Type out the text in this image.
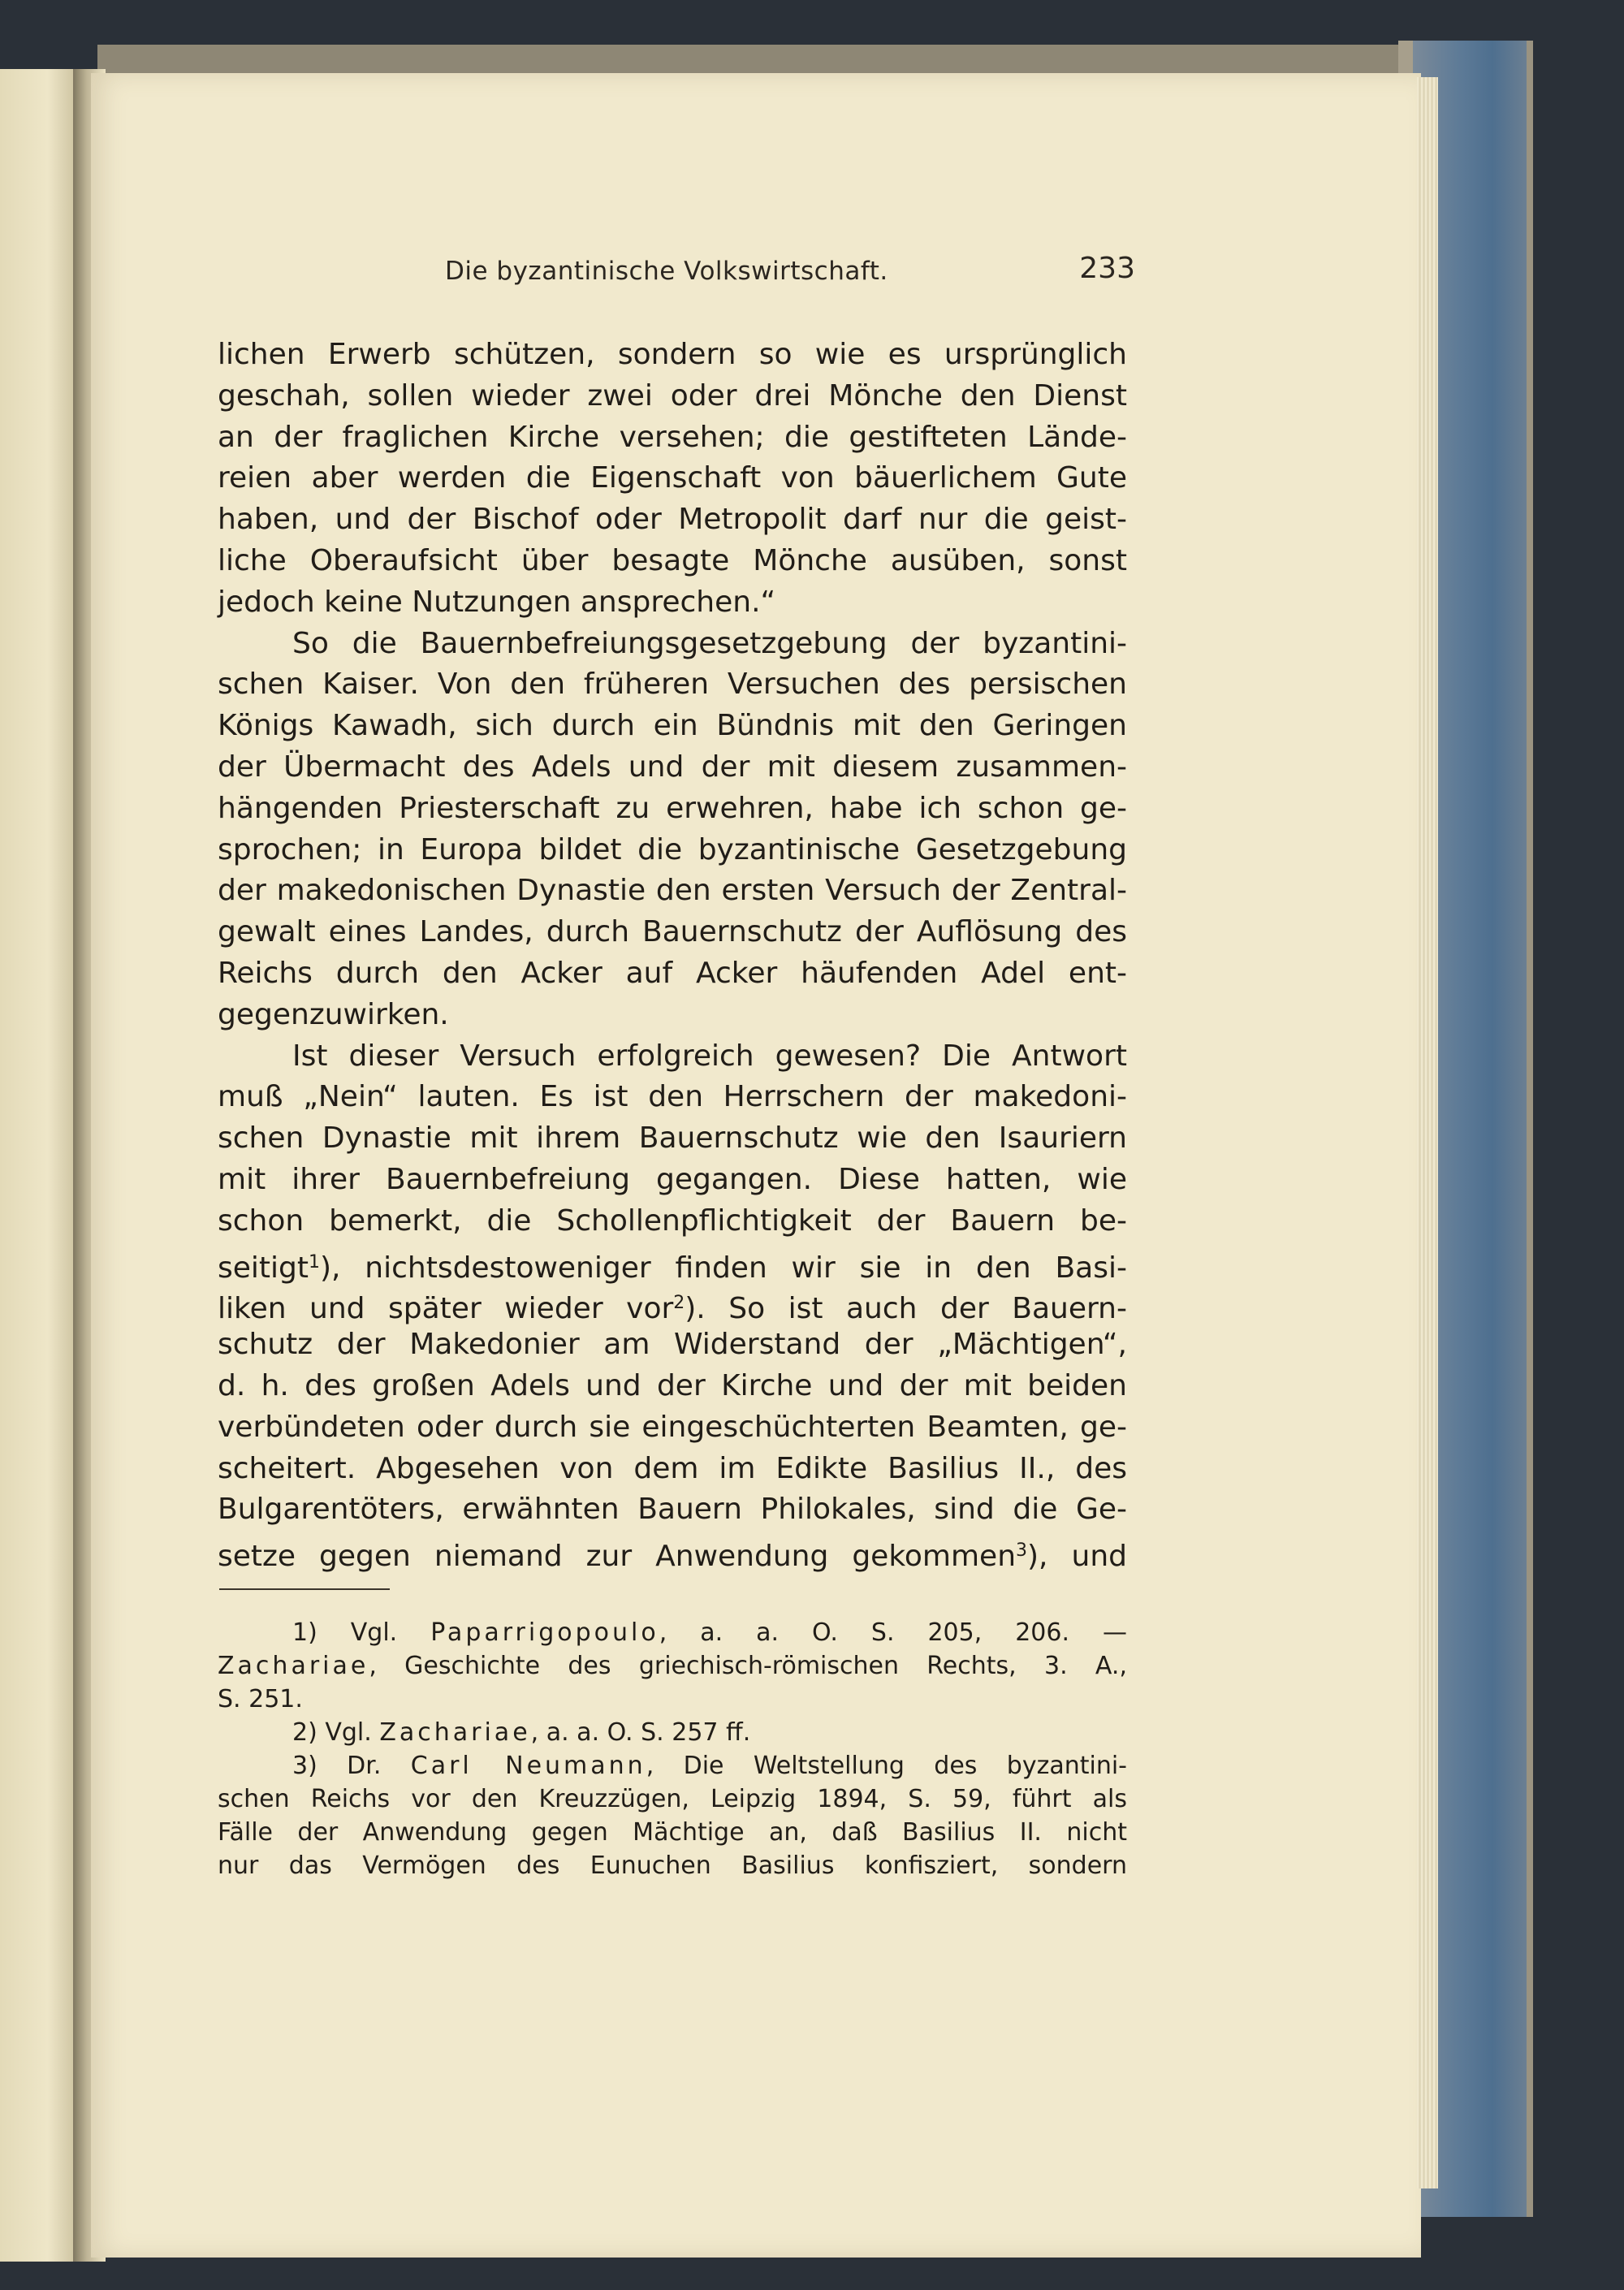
Die byzantinische Volkswirtschaft.	233
lichen Erwerb schützen, sondern so wie es ursprünglich
geschah, sollen wieder zwei oder drei Mönche den Dienst
an der fraglichen Kirche versehen; die gestifteten Lände-
reien aber werden die Eigenschaft von bäuerlichem Gute
haben, und der Bischof oder Metropolit darf nur die geist-
liche Oberaufsicht über besagte Mönche ausüben, sonst
jedoch keine Nutzungen ansprechen.“
So die Bauernbefreiungsgesetzgebung der byzantini-
schen Kaiser. Von den früheren Versuchen des persischen
Königs Kawadh, sich durch ein Bündnis mit den Geringen
der Übermacht des Adels und der mit diesem zusammen-
hängenden Priesterschaft zu erwehren, habe ich schon ge-
sprochen; in Europa bildet die byzantinische Gesetzgebung
der makedonischen Dynastie den ersten Versuch der Zentral-
gewalt eines Landes, durch Bauernschutz der Auflösung des
Reichs durch den Acker auf Acker häufenden Adel ent-
gegenzuwirken.
Ist dieser Versuch erfolgreich gewesen? Die Antwort
muß „Nein“ lauten. Es ist den Herrschern der makedoni-
schen Dynastie mit ihrem Bauernschutz wie den Isauriern
mit ihrer Bauernbefreiung gegangen. Diese hatten, wie
schon bemerkt, die Schollenpflichtigkeit der Bauern be-
seitigt$^1$), nichtsdestoweniger finden wir sie in den Basi-
liken und später wieder vor$^2$). So ist auch der Bauern-
schutz der Makedonier am Widerstand der „Mächtigen“,
d. h. des großen Adels und der Kirche und der mit beiden
verbündeten oder durch sie eingeschüchterten Beamten, ge-
scheitert. Abgesehen von dem im Edikte Basilius II., des
Bulgarentöters, erwähnten Bauern Philokales, sind die Ge-
setze gegen niemand zur Anwendung gekommen$^3$), und
1) Vgl. Paparrigopoulo, a. a. O. S. 205, 206. —
Zachariae, Geschichte des griechisch-römischen Rechts, 3. A.,
S. 251.
2) Vgl. Zachariae, a. a. O. S. 257 ff.
3) Dr. Carl Neumann, Die Weltstellung des byzantini-
schen Reichs vor den Kreuzzügen, Leipzig 1894, S. 59, führt als
Fälle der Anwendung gegen Mächtige an, daß Basilius II. nicht
nur das Vermögen des Eunuchen Basilius konfisziert, sondern
